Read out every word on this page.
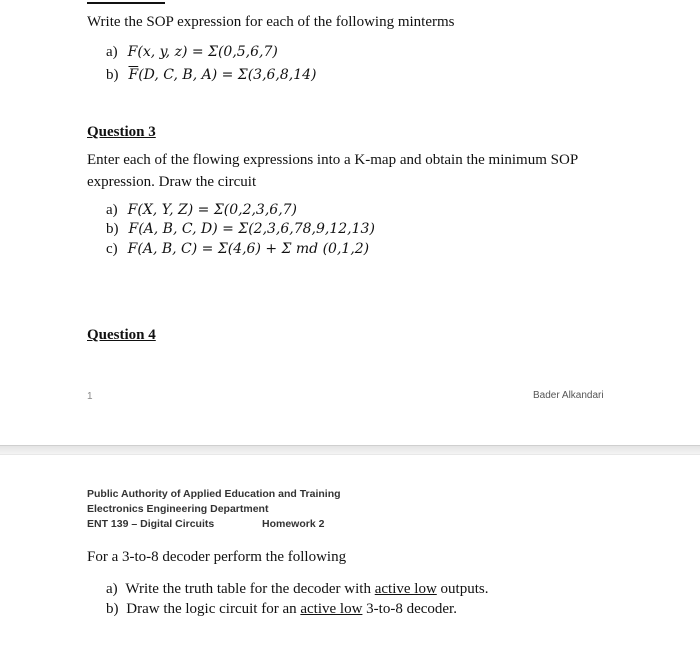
Write the SOP expression for each of the following minterms
a) F(x, y, z) = Σ(0,5,6,7)
b) $\overline{F}(D$, C, B, A) = Σ(3,6,8,14)
Question 3
Enter each of the flowing expressions into a K-map and obtain the minimum SOP
expression. Draw the circuit
a) F(X, Y, Z) = Σ(0,2,3,6,7)
b) F(A, B, C, D) = Σ(2,3,6,78,9,12,13)
c) F(A, B, C) = Σ(4,6) + Σ md (0,1,2)
Question 4
1	Bader Alkandari
Public Authority of Applied Education and Training
Electronics Engineering Department
ENT 139 – Digital Circuits	Homework 2
For a 3-to-8 decoder perform the following
a) Write the truth table for the decoder with active low outputs.
b) Draw the logic circuit for an active low 3-to-8 decoder.
